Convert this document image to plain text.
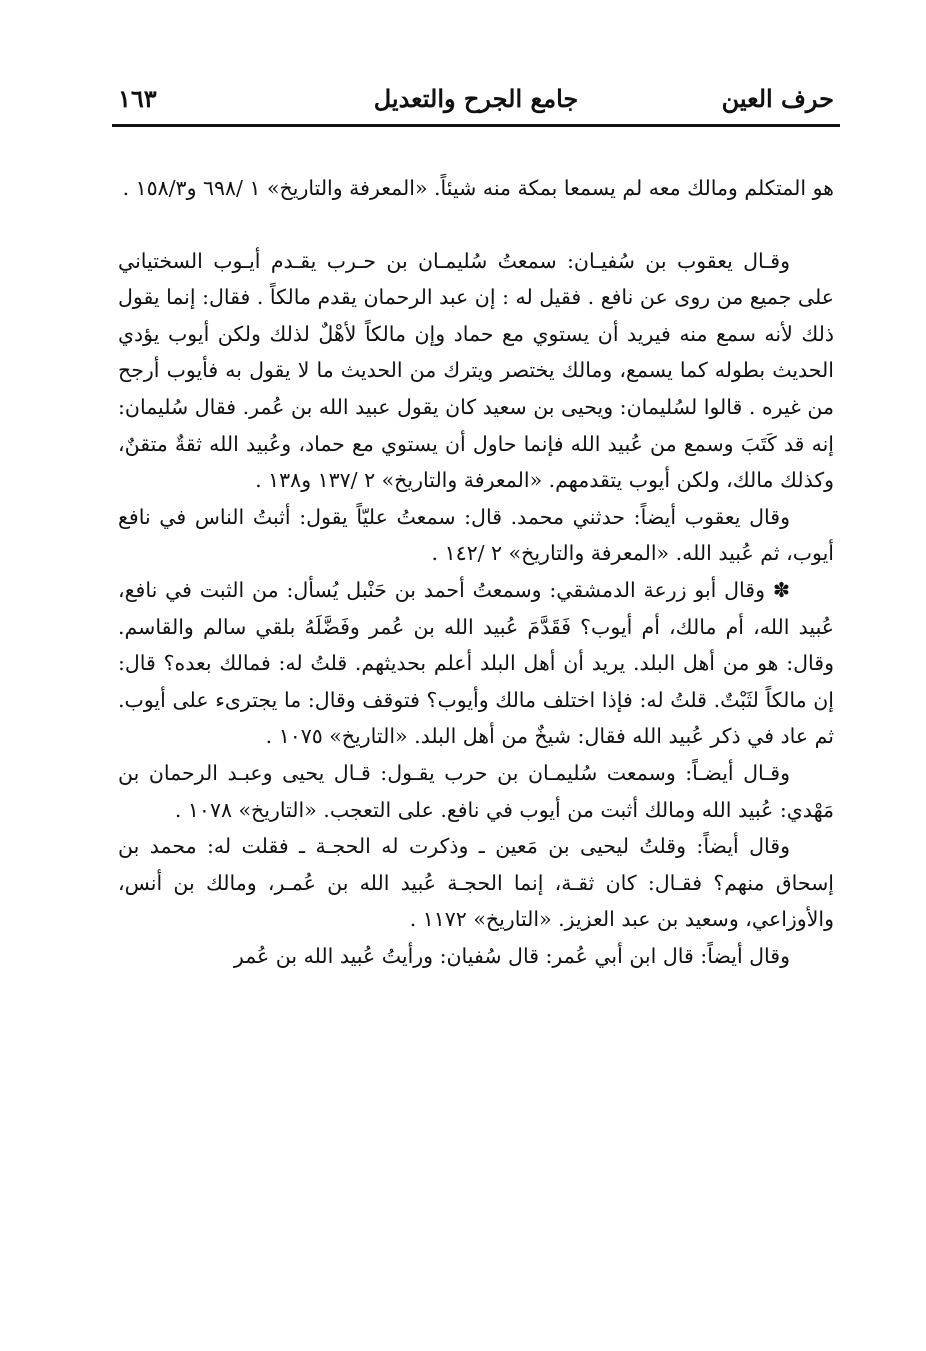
حرف العين
جامع الجرح والتعديل
١٦٣

هو المتكلم ومالك معه لم يسمعا بمكة منه شيئاً. «المعرفة والتاريخ» ١ /٦٩٨ و١٥٨/٣ .

وقـال يعقوب بن سُفيـان: سمعتُ سُليمـان بن حـرب يقـدم أيـوب السختياني على جميع من روى عن نافع . فقيل له : إن عبد الرحمان يقدم مالكاً . فقال: إنما يقول ذلك لأنه سمع منه فيريد أن يستوي مع حماد وإن مالكاً لأهْلٌ لذلك ولكن أيوب يؤدي الحديث بطوله كما يسمع، ومالك يختصر ويترك من الحديث ما لا يقول به فأيوب أرجح من غيره . قالوا لسُليمان: ويحيى بن سعيد كان يقول عبيد الله بن عُمر. فقال سُليمان: إنه قد كَتَبَ وسمع من عُبيد الله فإنما حاول أن يستوي مع حماد، وعُبيد الله ثقةٌ متقنٌ، وكذلك مالك، ولكن أيوب يتقدمهم. «المعرفة والتاريخ» ٢ /١٣٧ و١٣٨ .

وقال يعقوب أيضاً: حدثني محمد. قال: سمعتُ عليّاً يقول: أثبتُ الناس في نافع أيوب، ثم عُبيد الله. «المعرفة والتاريخ» ٢ /١٤٢ .

✽ وقال أبو زرعة الدمشقي: وسمعتُ أحمد بن حَنْبل يُسأل: من الثبت في نافع، عُبيد الله، أم مالك، أم أيوب؟ فَقَدَّمَ عُبيد الله بن عُمر وفَضَّلَهُ بلقي سالم والقاسم. وقال: هو من أهل البلد. يريد أن أهل البلد أعلم بحديثهم. قلتُ له: فمالك بعده؟ قال: إن مالكاً لثَبْتٌ. قلتُ له: فإذا اختلف مالك وأيوب؟ فتوقف وقال: ما يجترىء على أيوب. ثم عاد في ذكر عُبيد الله فقال: شيخٌ من أهل البلد. «التاريخ» ١٠٧٥ .

وقـال أيضـاً: وسمعت سُليمـان بن حرب يقـول: قـال يحيى وعبـد الرحمان بن مَهْدي: عُبيد الله ومالك أثبت من أيوب في نافع. على التعجب. «التاريخ» ١٠٧٨ .

وقال أيضاً: وقلتُ ليحيى بن مَعين ـ وذكرت له الحجـة ـ فقلت له: محمد بن إسحاق منهم؟ فقـال: كان ثقـة، إنما الحجـة عُبيد الله بن عُمـر، ومالك بن أنس، والأوزاعي، وسعيد بن عبد العزيز. «التاريخ» ١١٧٢ .

وقال أيضاً: قال ابن أبي عُمر: قال سُفيان: ورأيتُ عُبيد الله بن عُمر
